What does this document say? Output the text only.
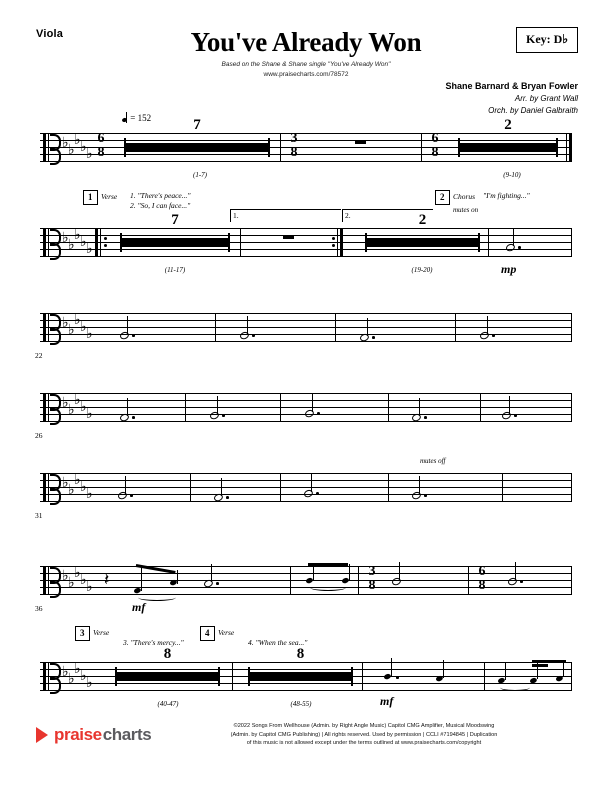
Viola	You've Already Won
Based on the Shane & Shane single "You've Already Won"
www.praisecharts.com/78572
Key: D♭
Shane Barnard & Bryan Fowler
Arr. by Grant Wall
Orch. by Daniel Galbraith
= 152
♭
♭
♭
♭
♭
6
8
7
3
8
6
8
2
(1-7)	(9-10)
1	Verse 1. "There's peace..."
2. "So, I can face..."
2	Chorus "I'm fighting..."
mutes on
1.	2.
♭
♭
♭
♭
♭
7	2
(11-17)	(19-20)	mp
♭
♭
♭
♭
♭
22
♭
♭
♭
♭
♭
26
mutes off
♭
♭
♭
♭
♭
31
♭
♭
♭
♭
♭
𝄽
3
8
6
8
36	mf
3	Verse
3. "There's mercy..."
4	Verse
4. "When the sea..."
♭
♭
♭
♭
♭
8	8
(40-47)	(48-55)	mf
praise charts	©2022 Songs From Wellhouse (Admin. by Right Angle Music) Capitol CMG Amplifier, Musical Moodswing
(Admin. by Capitol CMG Publishing) | All rights reserved. Used by permission | CCLI #7194845 | Duplication
of this music is not allowed except under the terms outlined at www.praisecharts.com/copyright
